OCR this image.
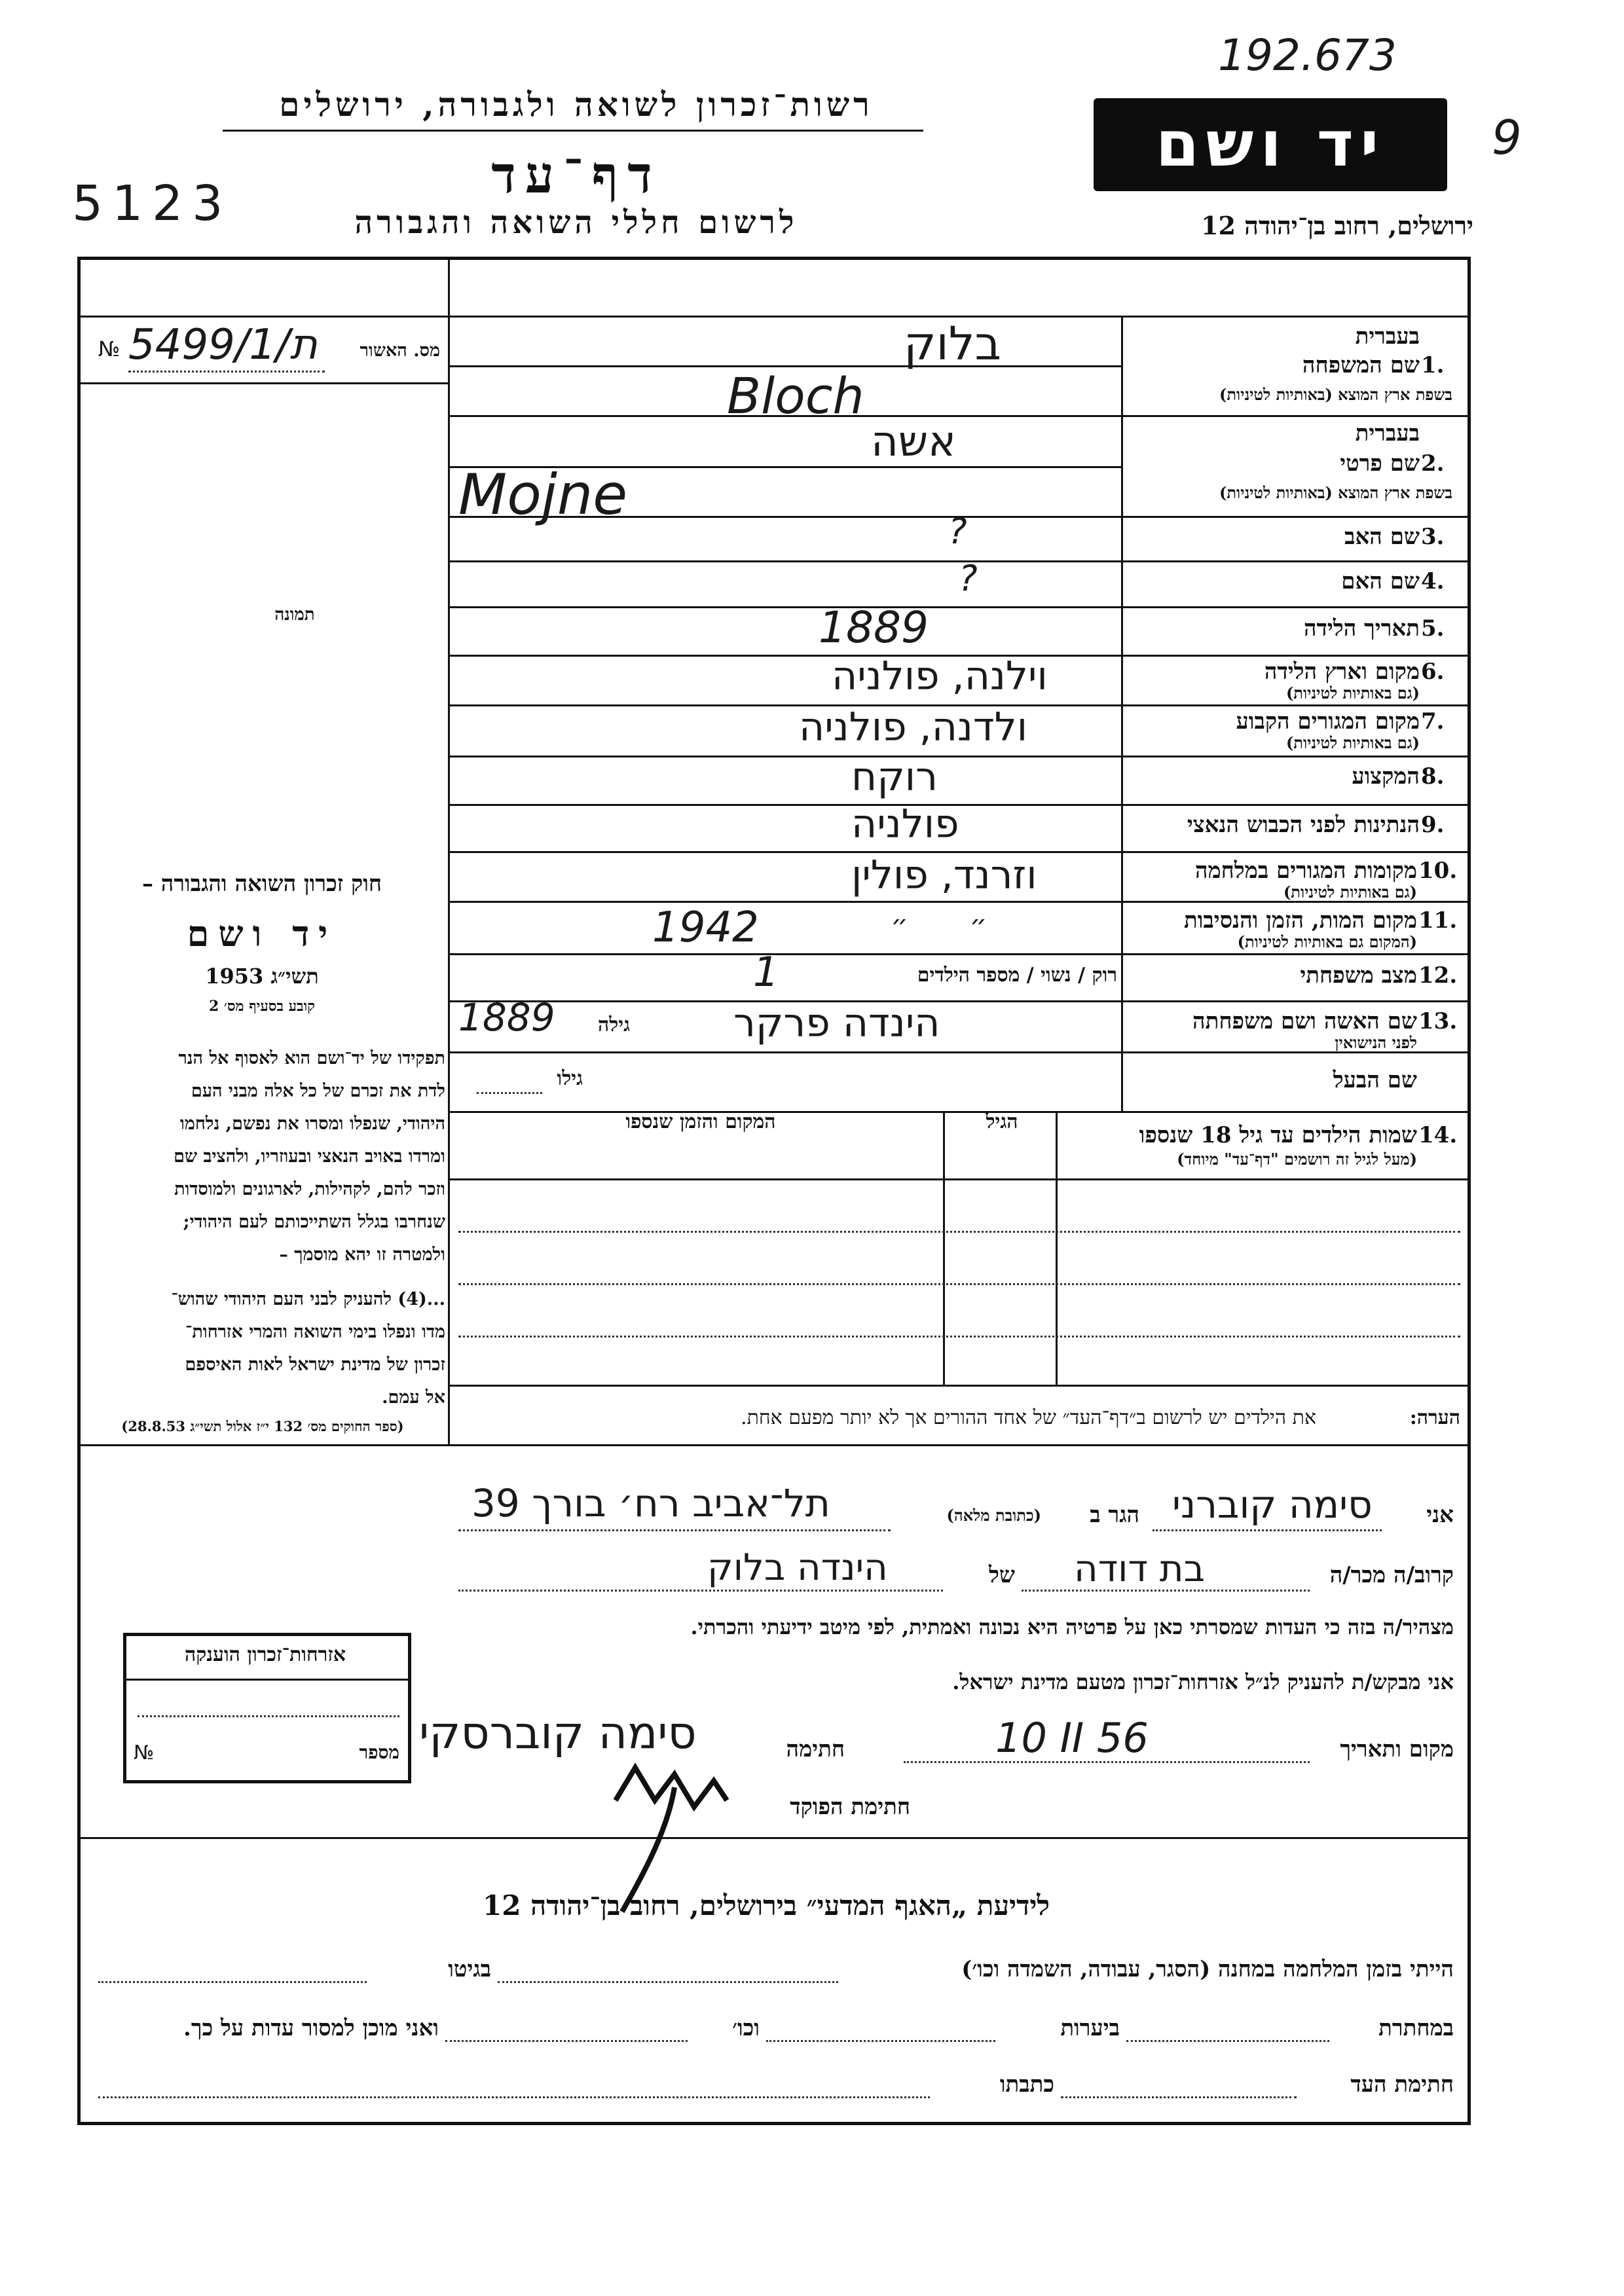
192.673
9
רשות־זכרון לשואה ולגבורה, ירושלים
דף־עד
לרשום חללי השואה והגבורה
5123
יד ושם
ירושלים, רחוב בן־יהודה 12
מס. האשור
№ ת/5499/1
תמונה
חוק זכרון השואה והגבורה –
יד ושם
תשי״ג 1953
קובע בסעיף מס׳ 2
תפקידו של יד־ושם הוא לאסוף אל הנר
לדת את זכרם של כל אלה מבני העם
היהודי, שנפלו ומסרו את נפשם, נלחמו
ומרדו באויב הנאצי ובעוזריו, ולהציב שם
וזכר להם, לקהילות, לארגונים ולמוסדות
שנחרבו בגלל השתייכותם לעם היהודי;
ולמטרה זו יהא מוסמך –
...(4) להעניק לבני העם היהודי שהוש־
מדו ונפלו בימי השואה והמרי אזרחות־
זכרון של מדינת ישראל לאות האיספם
אל עמם.
(ספר החוקים מס׳ 132 י״ז אלול תשי״ג 28.8.53)
בעברית
1.
שם המשפחה
בשפת ארץ המוצא (באותיות לטיניות)
בלוק
Bloch
בעברית
2.
שם פרטי
בשפת ארץ המוצא (באותיות לטיניות)
אשה
Mojne
3.
שם האב
?
4.
שם האם
?
5.
תאריך הלידה
1889
6.
מקום וארץ הלידה
(גם באותיות לטיניות)
וילנה, פולניה
7.
מקום המגורים הקבוע
(גם באותיות לטיניות)
ולדנה, פולניה
8.
המקצוע
רוקח
9.
הנתינות לפני הכבוש הנאצי
פולניה
10.
מקומות המגורים במלחמה
(גם באותיות לטיניות)
וזרנד, פולין
11.
מקום המות, הזמן והנסיבות
(המקום גם באותיות לטיניות)
1942	״ ״
12.
מצב משפחתי
רוק / נשוי / מספר הילדים
1
13.
שם האשה ושם משפחתה
לפני הנישואין
גילה
1889	הינדה פרקר
שם הבעל
גילו
14.
שמות הילדים עד גיל 18 שנספו
(מעל לגיל זה רושמים "דף־עד" מיוחד)
הגיל
המקום והזמן שנספו
הערה:
את הילדים יש לרשום ב״דף־העד״ של אחד ההורים אך לא יותר מפעם אחת.
אני
סימה קוברני
הגר ב
(כתובת מלאה)
תל־אביב רח׳ בורך 39
קרוב/ה מכר/ה
בת דודה
של
הינדה בלוק
מצהיר/ה בזה כי העדות שמסרתי כאן על פרטיה היא נכונה ואמתית, לפי מיטב ידיעתי והכרתי.
אני מבקש/ת להעניק לנ״ל אזרחות־זכרון מטעם מדינת ישראל.
מקום ותאריך
10 II 56
חתימה
סימה קוברסקי
חתימת הפוקד
אזרחות־זכרון הוענקה
מספר
№
לידיעת „האגף המדעי״ בירושלים, רחוב בן־יהודה 12
הייתי בזמן המלחמה במחנה (הסגר, עבודה, השמדה וכו׳)
בגיטו
במחתרת
ביערות
וכו׳
ואני מוכן למסור עדות על כך.
חתימת העד
כתבתו
